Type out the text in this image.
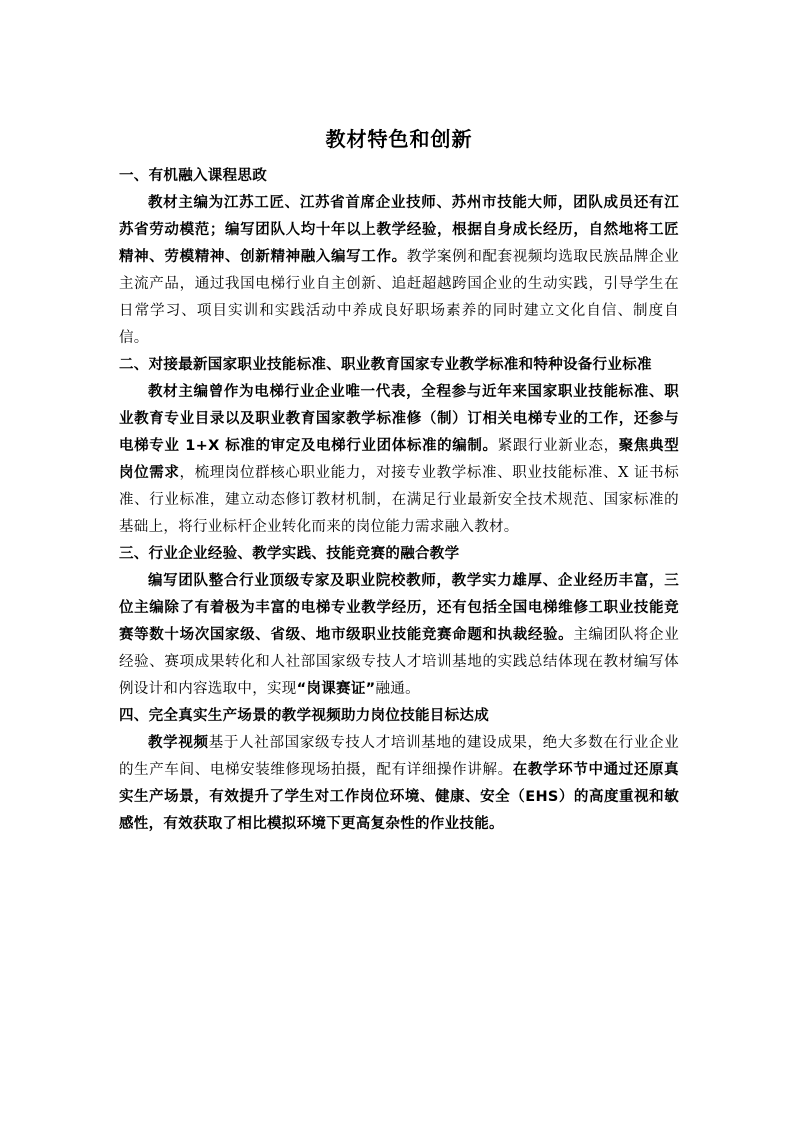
教材特色和创新
一、有机融入课程思政

教材主编为江苏工匠、江苏省首席企业技师、苏州市技能大师，团队成员还有江苏省劳动模范；编写团队人均十年以上教学经验，根据自身成长经历，自然地将工匠精神、劳模精神、创新精神融入编写工作。教学案例和配套视频均选取民族品牌企业主流产品，通过我国电梯行业自主创新、追赶超越跨国企业的生动实践，引导学生在日常学习、项目实训和实践活动中养成良好职场素养的同时建立文化自信、制度自信。

二、对接最新国家职业技能标准、职业教育国家专业教学标准和特种设备行业标准

教材主编曾作为电梯行业企业唯一代表，全程参与近年来国家职业技能标准、职业教育专业目录以及职业教育国家教学标准修（制）订相关电梯专业的工作，还参与电梯专业 1+X 标准的审定及电梯行业团体标准的编制。紧跟行业新业态，聚焦典型岗位需求，梳理岗位群核心职业能力，对接专业教学标准、职业技能标准、X 证书标准、行业标准，建立动态修订教材机制，在满足行业最新安全技术规范、国家标准的基础上，将行业标杆企业转化而来的岗位能力需求融入教材。

三、行业企业经验、教学实践、技能竞赛的融合教学

编写团队整合行业顶级专家及职业院校教师，教学实力雄厚、企业经历丰富，三位主编除了有着极为丰富的电梯专业教学经历，还有包括全国电梯维修工职业技能竞赛等数十场次国家级、省级、地市级职业技能竞赛命题和执裁经验。主编团队将企业经验、赛项成果转化和人社部国家级专技人才培训基地的实践总结体现在教材编写体例设计和内容选取中，实现“岗课赛证”融通。

四、完全真实生产场景的教学视频助力岗位技能目标达成

教学视频基于人社部国家级专技人才培训基地的建设成果，绝大多数在行业企业的生产车间、电梯安装维修现场拍摄，配有详细操作讲解。在教学环节中通过还原真实生产场景，有效提升了学生对工作岗位环境、健康、安全（EHS）的高度重视和敏感性，有效获取了相比模拟环境下更高复杂性的作业技能。
